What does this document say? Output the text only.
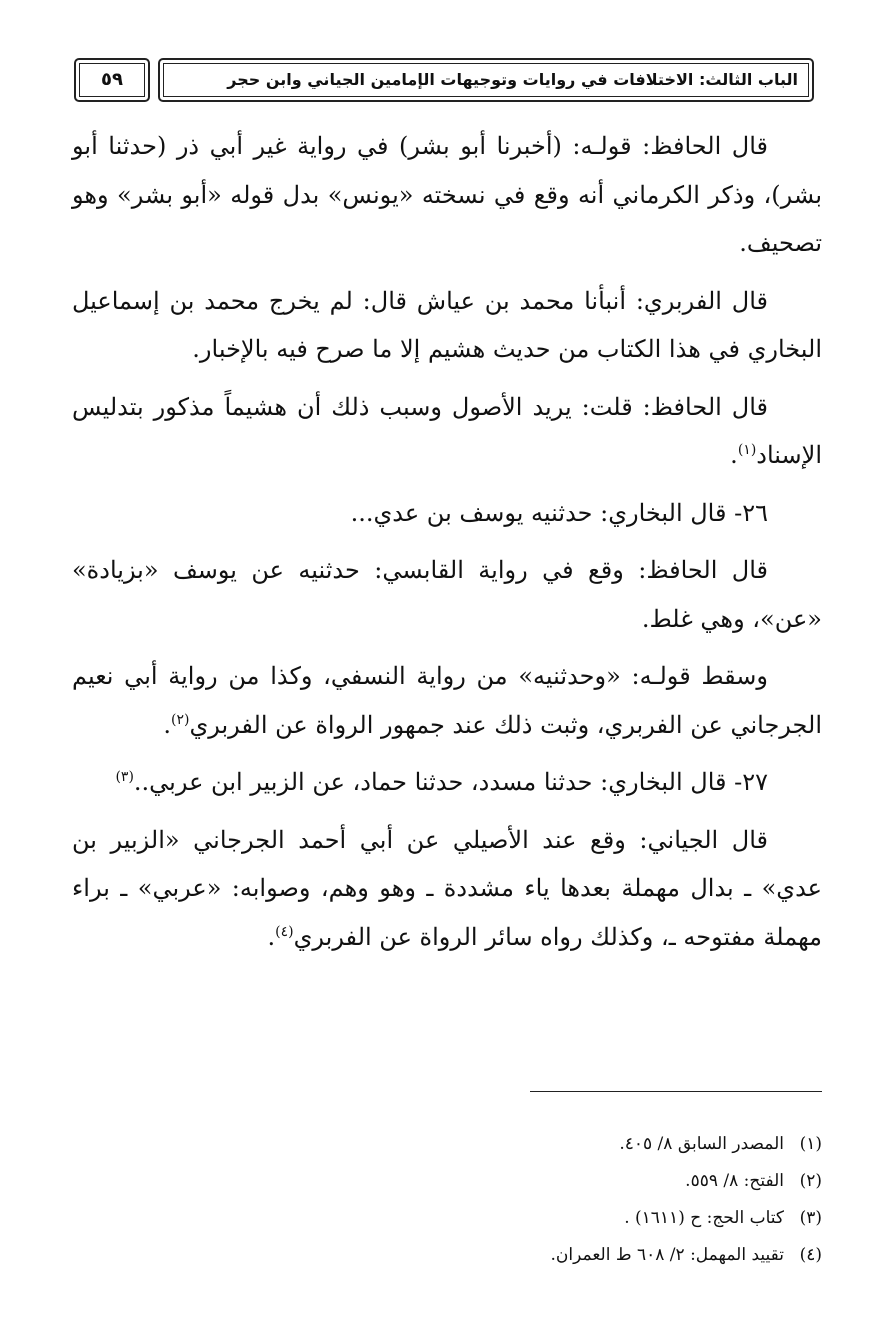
الباب الثالث: الاختلافات في روايات وتوجيهات الإمامين الجياني وابن حجر
٥٩

قال الحافظ: قولـه: (أخبرنا أبو بشر) في رواية غير أبي ذر (حدثنا أبو بشر)، وذكر الكرماني أنه وقع في نسخته «يونس» بدل قوله «أبو بشر» وهو تصحيف.

قال الفربري: أنبأنا محمد بن عياش قال: لم يخرج محمد بن إسماعيل البخاري في هذا الكتاب من حديث هشيم إلا ما صرح فيه بالإخبار.

قال الحافظ: قلت: يريد الأصول وسبب ذلك أن هشيماً مذكور بتدليس الإسناد$^{(١)}$.

٢٦- قال البخاري: حدثنيه يوسف بن عدي...

قال الحافظ: وقع في رواية القابسي: حدثنيه عن يوسف «بزيادة» «عن»، وهي غلط.

وسقط قولـه: «وحدثنيه» من رواية النسفي، وكذا من رواية أبي نعيم الجرجاني عن الفربري، وثبت ذلك عند جمهور الرواة عن الفربري$^{(٢)}$.

٢٧- قال البخاري: حدثنا مسدد، حدثنا حماد، عن الزبير ابن عربي..$^{(٣)}$

قال الجياني: وقع عند الأصيلي عن أبي أحمد الجرجاني «الزبير بن عدي» ـ بدال مهملة بعدها ياء مشددة ـ وهو وهم، وصوابه: «عربي» ـ براء مهملة مفتوحه ـ، وكذلك رواه سائر الرواة عن الفربري$^{(٤)}$.

(١)المصدر السابق ٨/ ٤٠٥.
(٢)الفتح: ٨/ ٥٥٩.
(٣)كتاب الحج: ح (١٦١١) .
(٤)تقييد المهمل: ٢/ ٦٠٨ ط العمران.
